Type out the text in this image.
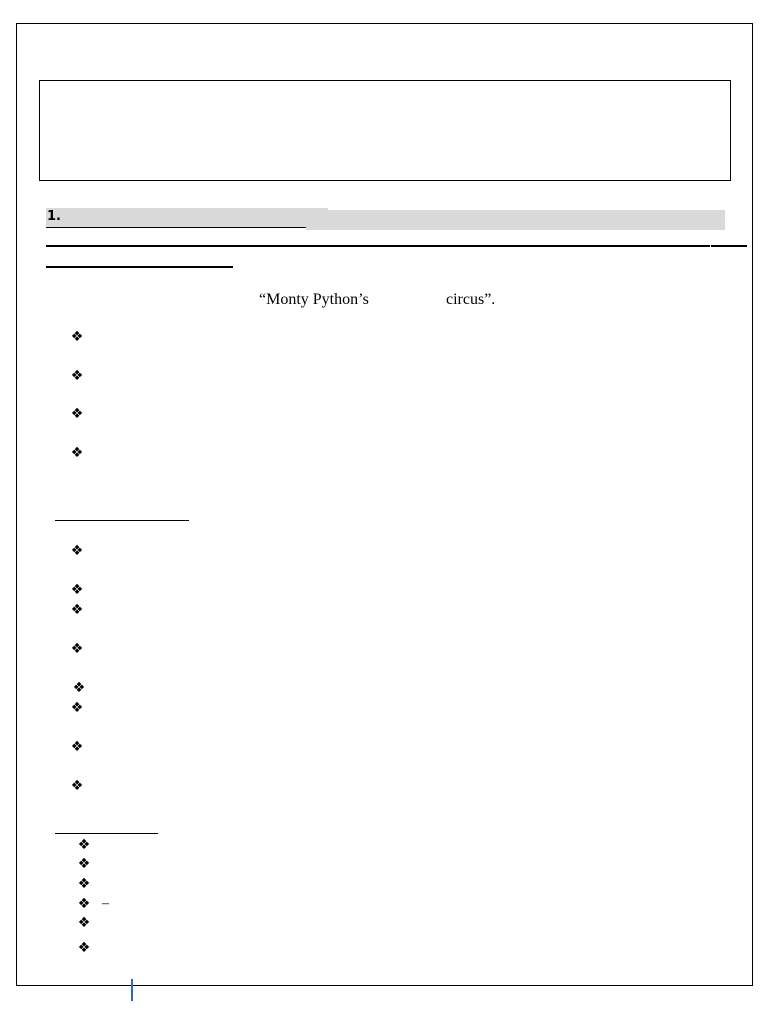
1.
“Monty Python’s	circus”.
❖
❖
❖
❖
❖
❖
❖
❖
❖
❖
❖
❖
❖
❖
❖
❖ –
❖
❖
